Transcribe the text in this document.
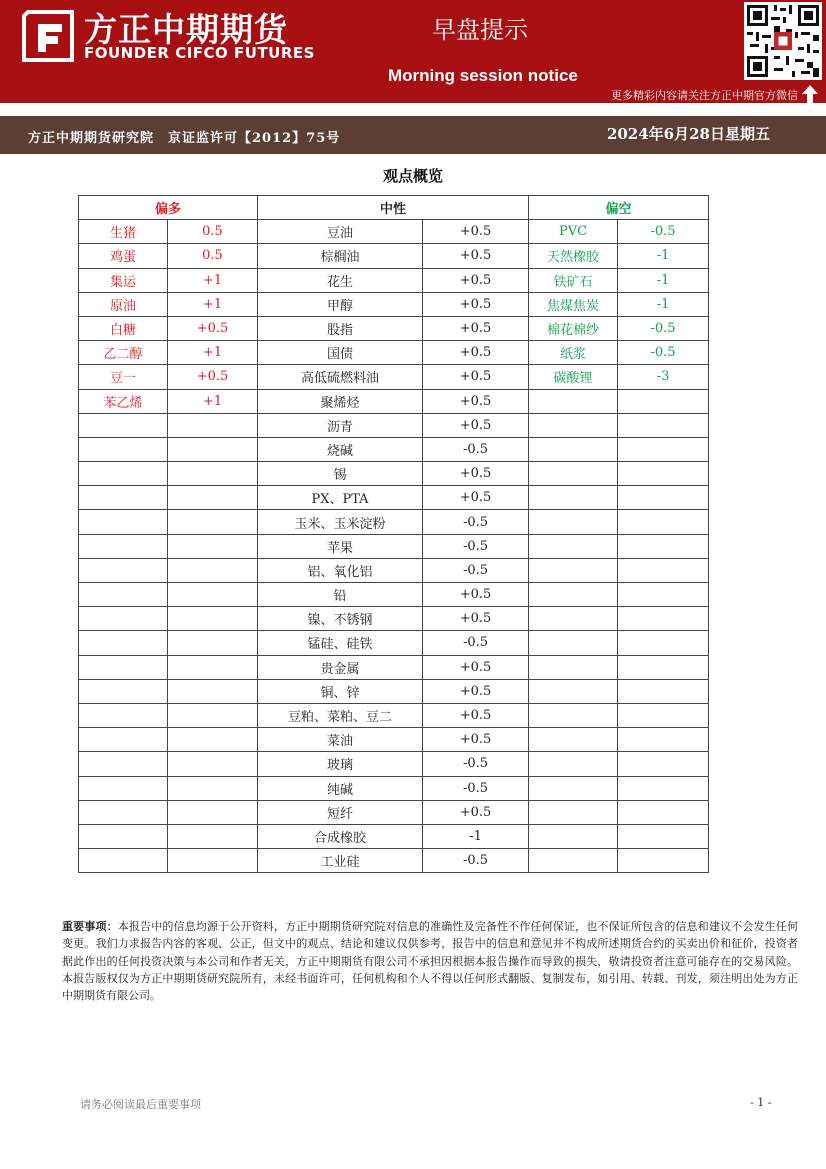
方正中期期货
FOUNDER CIFCO FUTURES
早盘提示
Morning session notice
更多精彩内容请关注方正中期官方微信
方正中期期货研究院　京证监许可【2012】75号	2024年6月28日星期五
观点概览
偏多		中性		偏空	
生猪	0.5	豆油	+0.5	PVC	-0.5
鸡蛋	0.5	棕榈油	+0.5	天然橡胶	-1
集运	+1	花生	+0.5	铁矿石	-1
原油	+1	甲醇	+0.5	焦煤焦炭	-1
白糖	+0.5	股指	+0.5	棉花棉纱	-0.5
乙二醇	+1	国债	+0.5	纸浆	-0.5
豆一	+0.5	高低硫燃料油	+0.5	碳酸锂	-3
苯乙烯	+1	聚烯烃	+0.5		
		沥青	+0.5		
		烧碱	-0.5		
		锡	+0.5		
		PX、PTA	+0.5		
		玉米、玉米淀粉	-0.5		
		苹果	-0.5		
		铝、氧化铝	-0.5		
		铅	+0.5		
		镍、不锈钢	+0.5		
		锰硅、硅铁	-0.5		
		贵金属	+0.5		
		铜、锌	+0.5		
		豆粕、菜粕、豆二	+0.5		
		菜油	+0.5		
		玻璃	-0.5		
		纯碱	-0.5		
		短纤	+0.5		
		合成橡胶	-1		
		工业硅	-0.5		
重要事项：本报告中的信息均源于公开资料，方正中期期货研究院对信息的准确性及完备性不作任何保证，也不保证所包含的信息和建议不会发生任何变更。我们力求报告内容的客观、公正，但文中的观点、结论和建议仅供参考，报告中的信息和意见并不构成所述期货合约的买卖出价和征价，投资者据此作出的任何投资决策与本公司和作者无关，方正中期期货有限公司不承担因根据本报告操作而导致的损失，敬请投资者注意可能存在的交易风险。本报告版权仅为方正中期期货研究院所有，未经书面许可，任何机构和个人不得以任何形式翻版、复制发布，如引用、转载、刊发，须注明出处为方正中期期货有限公司。
请务必阅读最后重要事项	- 1 -
